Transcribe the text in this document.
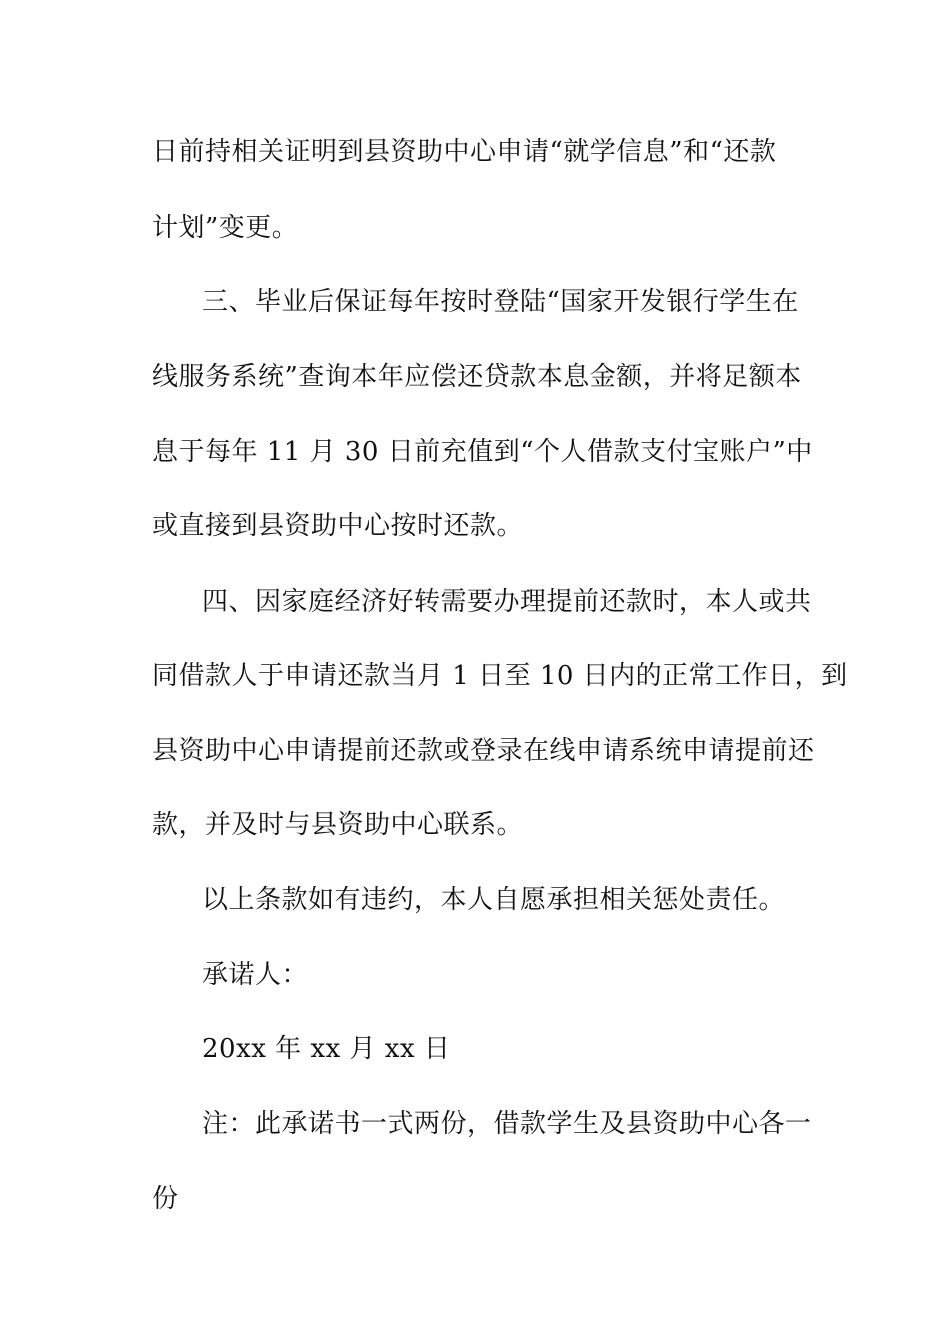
日前持相关证明到县资助中心申请“就学信息”和“还款
计划”变更。
三、毕业后保证每年按时登陆“国家开发银行学生在
线服务系统”查询本年应偿还贷款本息金额，并将足额本
息于每年 11 月 30 日前充值到“个人借款支付宝账户”中
或直接到县资助中心按时还款。
四、因家庭经济好转需要办理提前还款时，本人或共
同借款人于申请还款当月 1 日至 10 日内的正常工作日，到
县资助中心申请提前还款或登录在线申请系统申请提前还
款，并及时与县资助中心联系。
以上条款如有违约，本人自愿承担相关惩处责任。
承诺人：
20xx 年 xx 月 xx 日
注：此承诺书一式两份，借款学生及县资助中心各一
份
